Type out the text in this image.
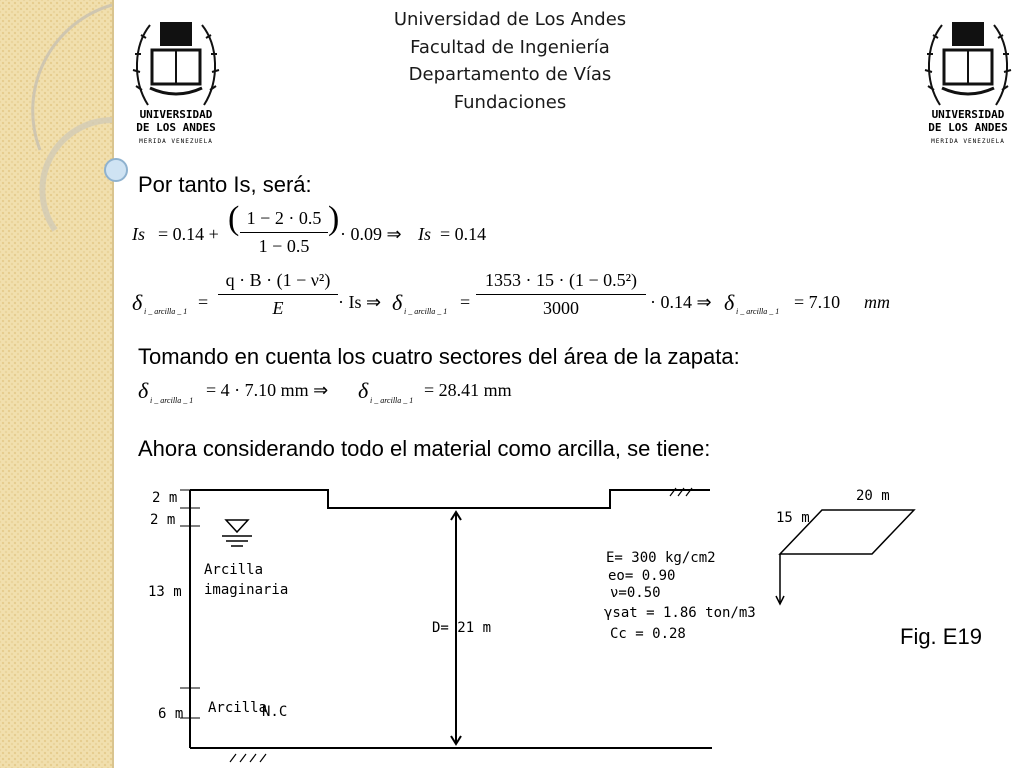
UNIVERSIDAD
DE LOS ANDES
MERIDA VENEZUELA
UNIVERSIDAD
DE LOS ANDES
MERIDA VENEZUELA
Universidad de Los Andes
Facultad de Ingeniería
Departamento de Vías
Fundaciones
Por tanto Is, será:
Is = 0.14 + ( 1 − 2 · 0.5
1 − 0.5
) · 0.09 ⇒ Is = 0.14
δ i _ arcilla _ 1 =
q · B · (1 − ν²)
E	· Is ⇒ δ i _ arcilla _ 1 =
1353 · 15 · (1 − 0.5²)
3000	· 0.14 ⇒ δ i _ arcilla _ 1 = 7.10 mm
Tomando en cuenta los cuatro sectores del área de la zapata:
δ i _ arcilla _ 1
= 4 · 7.10 mm ⇒ δ i _ arcilla _ 1
= 28.41 mm
Ahora considerando todo el material como arcilla, se tiene:
2 m
2 m
13 m
6 m
Arcilla
imaginaria
Arcilla
N.C
D= 21 m
E= 300 kg/cm2
eo= 0.90
ν=0.50
γsat = 1.86 ton/m3
Cc = 0.28
20 m
15 m
Fig. E19
